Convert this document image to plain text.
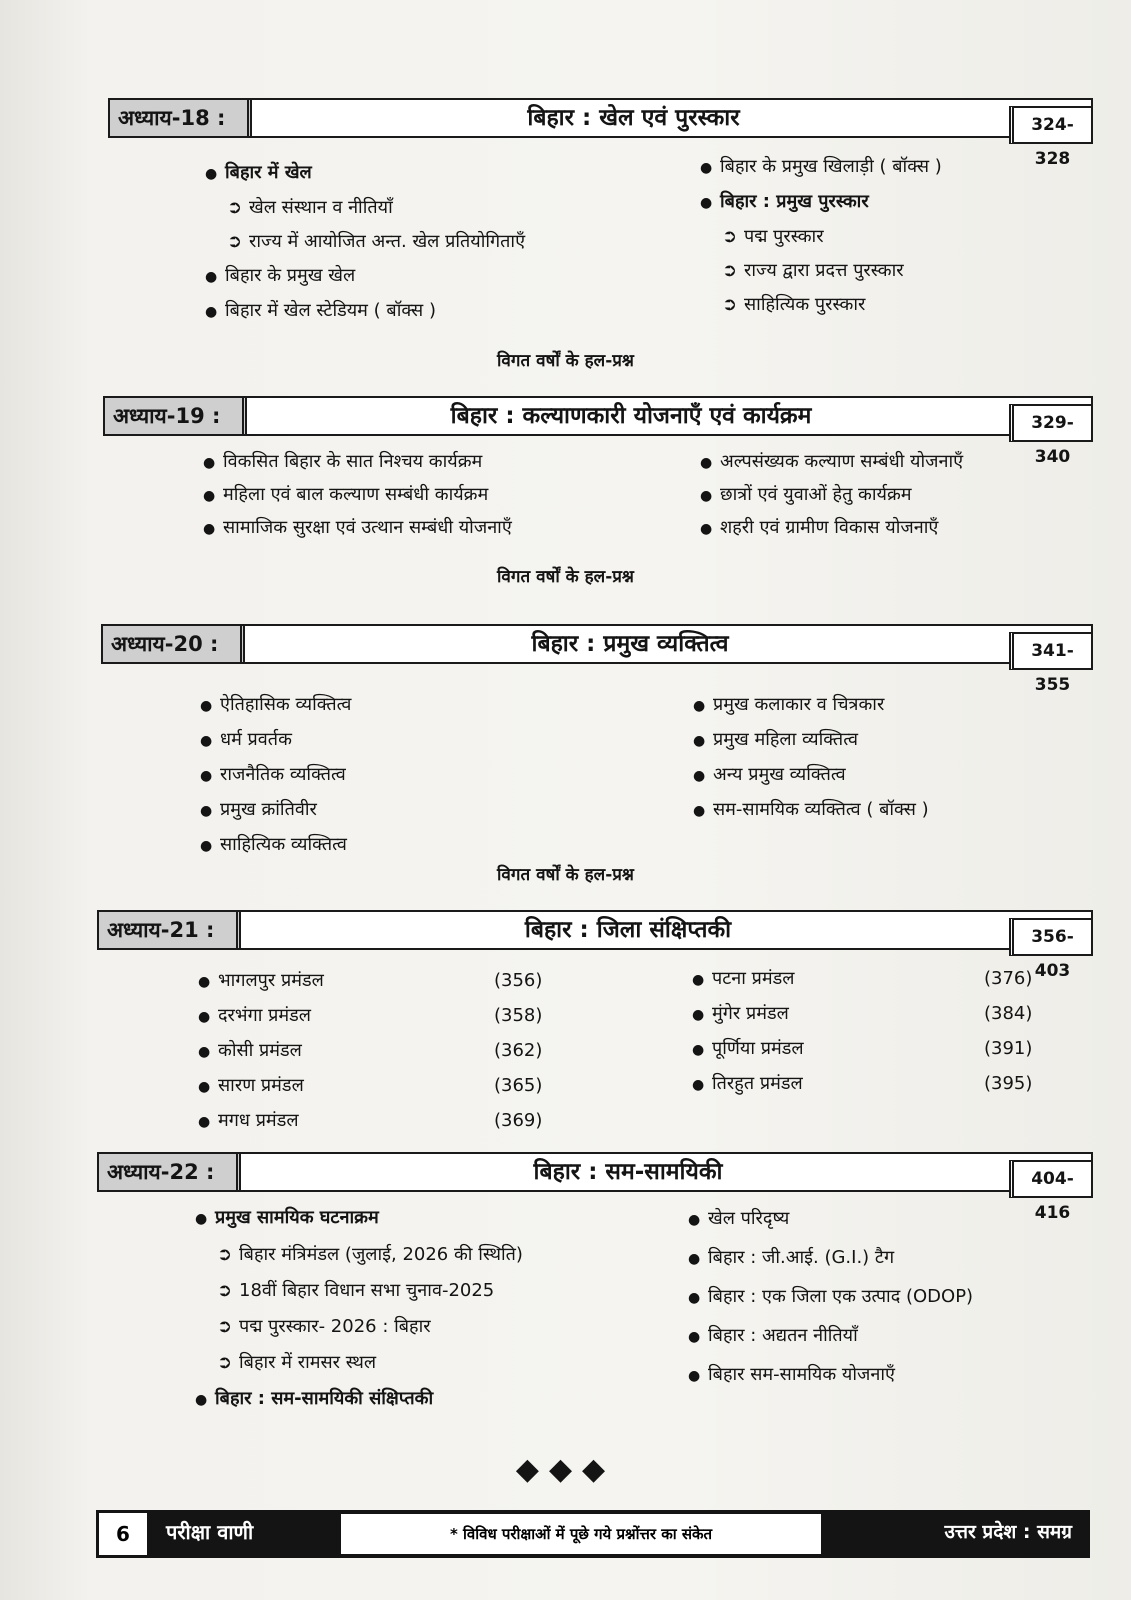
अध्याय-18 :	बिहार : खेल एवं पुरस्कार	324-328
● बिहार में खेल
➲ खेल संस्थान व नीतियाँ
➲ राज्य में आयोजित अन्त. खेल प्रतियोगिताएँ
● बिहार के प्रमुख खेल
● बिहार में खेल स्टेडियम ( बॉक्स )
● बिहार के प्रमुख खिलाड़ी ( बॉक्स )
● बिहार : प्रमुख पुरस्कार
➲ पद्म पुरस्कार
➲ राज्य द्वारा प्रदत्त पुरस्कार
➲ साहित्यिक पुरस्कार
विगत वर्षों के हल-प्रश्न
अध्याय-19 :	बिहार : कल्याणकारी योजनाएँ एवं कार्यक्रम	329-340
● विकसित बिहार के सात निश्चय कार्यक्रम
● महिला एवं बाल कल्याण सम्बंधी कार्यक्रम
● सामाजिक सुरक्षा एवं उत्थान सम्बंधी योजनाएँ
● अल्पसंख्यक कल्याण सम्बंधी योजनाएँ
● छात्रों एवं युवाओं हेतु कार्यक्रम
● शहरी एवं ग्रामीण विकास योजनाएँ
विगत वर्षों के हल-प्रश्न
अध्याय-20 :	बिहार : प्रमुख व्यक्तित्व	341-355
● ऐतिहासिक व्यक्तित्व
● धर्म प्रवर्तक
● राजनैतिक व्यक्तित्व
● प्रमुख क्रांतिवीर
● साहित्यिक व्यक्तित्व
● प्रमुख कलाकार व चित्रकार
● प्रमुख महिला व्यक्तित्व
● अन्य प्रमुख व्यक्तित्व
● सम-सामयिक व्यक्तित्व ( बॉक्स )
विगत वर्षों के हल-प्रश्न
अध्याय-21 :	बिहार : जिला संक्षिप्तकी	356-403
● भागलपुर प्रमंडल	(356)
● दरभंगा प्रमंडल	(358)
● कोसी प्रमंडल	(362)
● सारण प्रमंडल	(365)
● मगध प्रमंडल	(369)
● पटना प्रमंडल	(376)
● मुंगेर प्रमंडल	(384)
● पूर्णिया प्रमंडल	(391)
● तिरहुत प्रमंडल	(395)
अध्याय-22 :	बिहार : सम-सामयिकी	404-416
● प्रमुख सामयिक घटनाक्रम
➲ बिहार मंत्रिमंडल (जुलाई, 2026 की स्थिति)
➲ 18वीं बिहार विधान सभा चुनाव-2025
➲ पद्म पुरस्कार- 2026 : बिहार
➲ बिहार में रामसर स्थल
● बिहार : सम-सामयिकी संक्षिप्तकी
● खेल परिदृष्य
● बिहार : जी.आई. (G.I.) टैग
● बिहार : एक जिला एक उत्पाद (ODOP)
● बिहार : अद्यतन नीतियाँ
● बिहार सम-सामयिक योजनाएँ
◆◆◆
6	परीक्षा वाणी	* विविध परीक्षाओं में पूछे गये प्रश्नोंत्तर का संकेत	उत्तर प्रदेश : समग्र
